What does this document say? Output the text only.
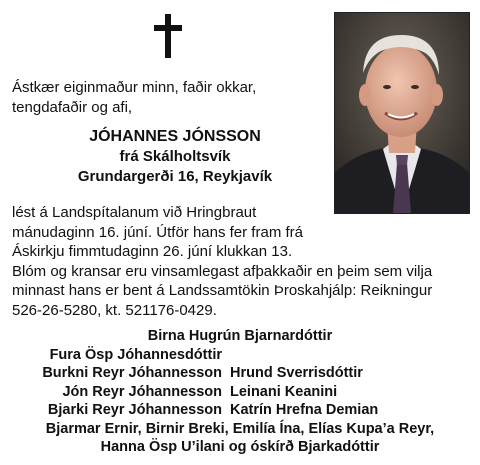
Ástkær eiginmaður minn, faðir okkar,
tengdafaðir og afi,
JÓHANNES JÓNSSON
frá Skálholtsvík
Grundargerði 16, Reykjavík
lést á Landspítalanum við Hringbraut
mánudaginn 16. júní. Útför hans fer fram frá
Áskirkju fimmtudaginn 26. júní klukkan 13.
Blóm og kransar eru vinsamlegast afþakkaðir en þeim sem vilja
minnast hans er bent á Landssamtökin Þroskahjálp: Reikningur
526-26-5280, kt. 521176-0429.
Birna Hugrún Bjarnardóttir
Fura Ösp Jóhannesdóttir
Burkni Reyr Jóhannesson Hrund Sverrisdóttir
Jón Reyr Jóhannesson Leinani Keanini
Bjarki Reyr Jóhannesson Katrín Hrefna Demian
Bjarmar Ernir, Birnir Breki, Emilía Ína, Elías Kupa’a Reyr,
Hanna Ösp U’ilani og óskírð Bjarkadóttir
